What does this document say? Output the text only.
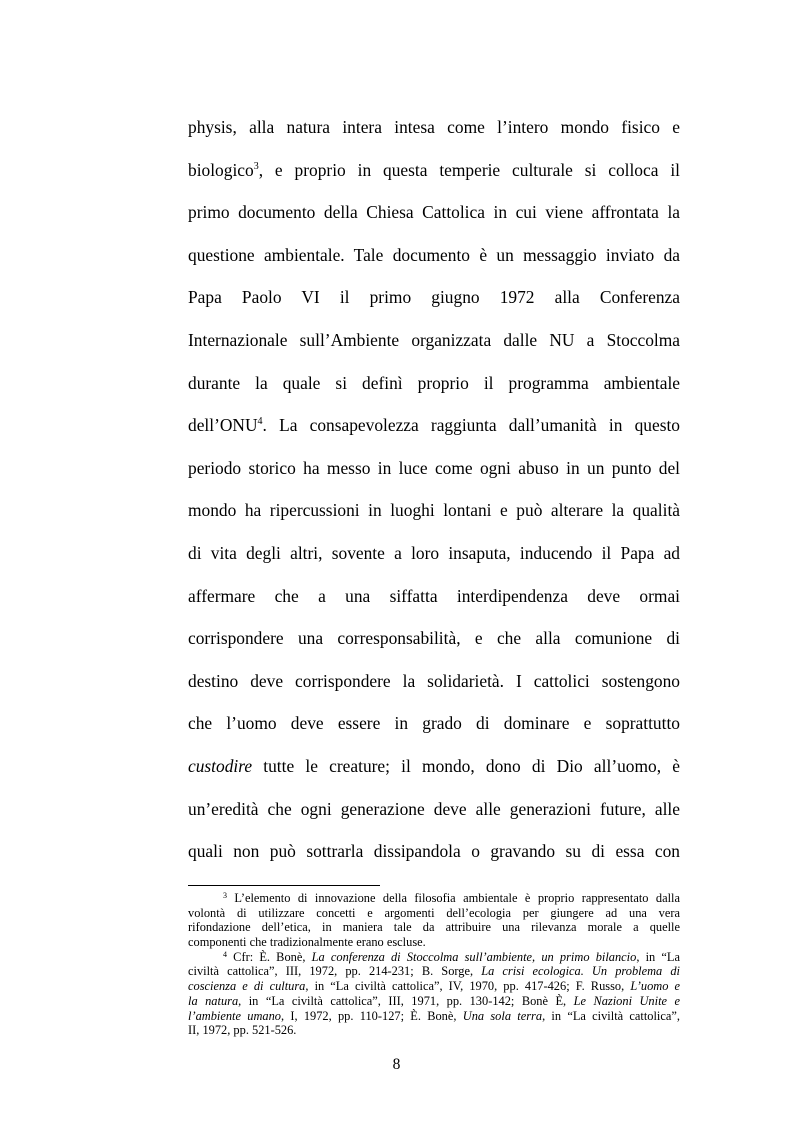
physis, alla natura intera intesa come l’intero mondo fisico e
biologico$^3$, e proprio in questa temperie culturale si colloca il
primo documento della Chiesa Cattolica in cui viene affrontata la
questione ambientale. Tale documento è un messaggio inviato da
Papa Paolo VI il primo giugno 1972 alla Conferenza
Internazionale sull’Ambiente organizzata dalle NU a Stoccolma
durante la quale si definì proprio il programma ambientale
dell’ONU$^4$. La consapevolezza raggiunta dall’umanità in questo
periodo storico ha messo in luce come ogni abuso in un punto del
mondo ha ripercussioni in luoghi lontani e può alterare la qualità
di vita degli altri, sovente a loro insaputa, inducendo il Papa ad
affermare che a una siffatta interdipendenza deve ormai
corrispondere una corresponsabilità, e che alla comunione di
destino deve corrispondere la solidarietà. I cattolici sostengono
che l’uomo deve essere in grado di dominare e soprattutto
custodire tutte le creature; il mondo, dono di Dio all’uomo, è
un’eredità che ogni generazione deve alle generazioni future, alle
quali non può sottrarla dissipandola o gravando su di essa con
$^3$ L’elemento di innovazione della filosofia ambientale è proprio rappresentato dalla
volontà di utilizzare concetti e argomenti dell’ecologia per giungere ad una vera
rifondazione dell’etica, in maniera tale da attribuire una rilevanza morale a quelle
componenti che tradizionalmente erano escluse.
$^4$ Cfr: È. Bonè, La conferenza di Stoccolma sull’ambiente, un primo bilancio, in “La
civiltà cattolica”, III, 1972, pp. 214-231; B. Sorge, La crisi ecologica. Un problema di
coscienza e di cultura, in “La civiltà cattolica”, IV, 1970, pp. 417-426; F. Russo, L’uomo e
la natura, in “La civiltà cattolica”, III, 1971, pp. 130-142; Bonè È, Le Nazioni Unite e
l’ambiente umano, I, 1972, pp. 110-127; È. Bonè, Una sola terra, in “La civiltà cattolica”,
II, 1972, pp. 521-526.
8
